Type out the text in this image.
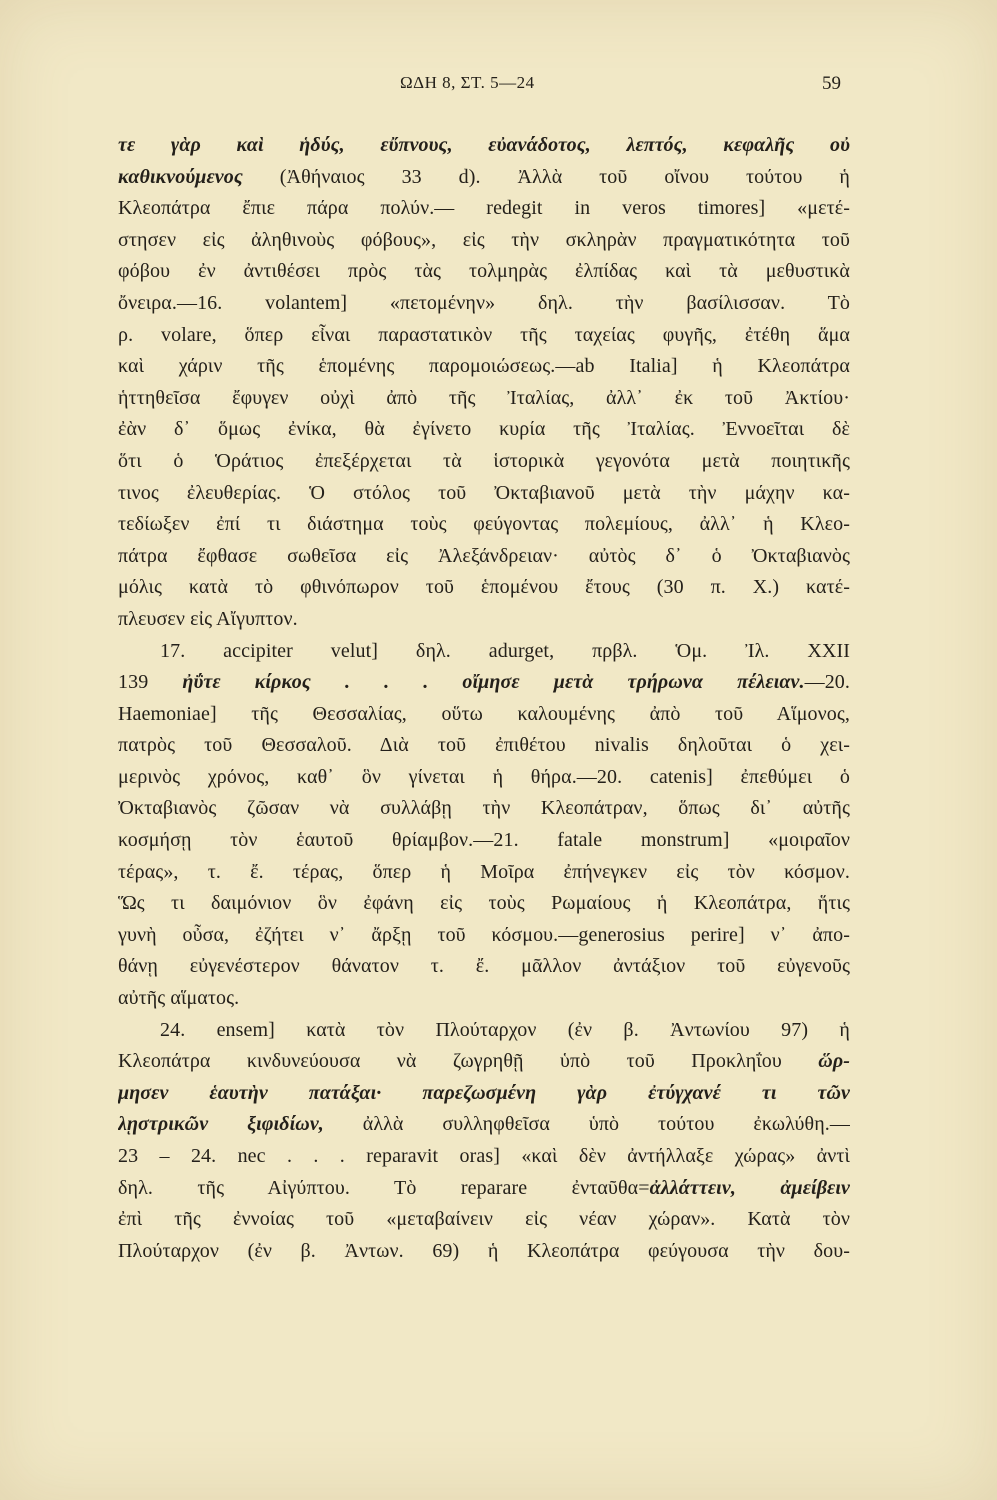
ΩΔΗ 8, ΣΤ. 5—24	59
τε γὰρ καὶ ἡδύς, εὔπνους, εὐανάδοτος, λεπτός, κεφαλῆς οὐ
καθικνούμενος (Ἀθήναιος 33 d). Ἀλλὰ τοῦ οἴνου τούτου ἡ
Κλεοπάτρα ἔπιε πάρα πολύν.— redegit in veros timores] «μετέ-
στησεν εἰς ἀληθινοὺς φόβους», εἰς τὴν σκληρὰν πραγματικότητα τοῦ
φόβου ἐν ἀντιθέσει πρὸς τὰς τολμηρὰς ἐλπίδας καὶ τὰ μεθυστικὰ
ὄνειρα.—16. volantem] «πετομένην» δηλ. τὴν βασίλισσαν. Τὸ
ρ. volare, ὅπερ εἶναι παραστατικὸν τῆς ταχείας φυγῆς, ἐτέθη ἅμα
καὶ χάριν τῆς ἑπομένης παρομοιώσεως.—ab Italia] ἡ Κλεοπάτρα
ἡττηθεῖσα ἔφυγεν οὐχὶ ἀπὸ τῆς Ἰταλίας, ἀλλ᾽ ἐκ τοῦ Ἀκτίου·
ἐὰν δ᾽ ὅμως ἐνίκα, θὰ ἐγίνετο κυρία τῆς Ἰταλίας. Ἐννοεῖται δὲ
ὅτι ὁ Ὁράτιος ἐπεξέρχεται τὰ ἱστορικὰ γεγονότα μετὰ ποιητικῆς
τινος ἐλευθερίας. Ὁ στόλος τοῦ Ὀκταβιανοῦ μετὰ τὴν μάχην κα-
τεδίωξεν ἐπί τι διάστημα τοὺς φεύγοντας πολεμίους, ἀλλ᾽ ἡ Κλεο-
πάτρα ἔφθασε σωθεῖσα εἰς Ἀλεξάνδρειαν· αὐτὸς δ᾽ ὁ Ὀκταβιανὸς
μόλις κατὰ τὸ φθινόπωρον τοῦ ἑπομένου ἔτους (30 π. Χ.) κατέ-
πλευσεν εἰς Αἴγυπτον.
17. accipiter velut] δηλ. adurget, πρβλ. Ὁμ. Ἰλ. XXII
139 ἠΰτε κίρκος . . . οἴμησε μετὰ τρήρωνα πέλειαν.—20.
Haemoniae] τῆς Θεσσαλίας, οὕτω καλουμένης ἀπὸ τοῦ Αἵμονος,
πατρὸς τοῦ Θεσσαλοῦ. Διὰ τοῦ ἐπιθέτου nivalis δηλοῦται ὁ χει-
μερινὸς χρόνος, καθ᾽ ὃν γίνεται ἡ θήρα.—20. catenis] ἐπεθύμει ὁ
Ὀκταβιανὸς ζῶσαν νὰ συλλάβῃ τὴν Κλεοπάτραν, ὅπως δι᾽ αὐτῆς
κοσμήσῃ τὸν ἑαυτοῦ θρίαμβον.—21. fatale monstrum] «μοιραῖον
τέρας», τ. ἔ. τέρας, ὅπερ ἡ Μοῖρα ἐπήνεγκεν εἰς τὸν κόσμον.
Ὥς τι δαιμόνιον ὃν ἐφάνη εἰς τοὺς Ρωμαίους ἡ Κλεοπάτρα, ἥτις
γυνὴ οὖσα, ἐζήτει ν᾽ ἄρξῃ τοῦ κόσμου.—generosius perire] ν᾽ ἀπο-
θάνῃ εὐγενέστερον θάνατον τ. ἔ. μᾶλλον ἀντάξιον τοῦ εὐγενοῦς
αὐτῆς αἵματος.
24. ensem] κατὰ τὸν Πλούταρχον (ἐν β. Ἀντωνίου 97) ἡ
Κλεοπάτρα κινδυνεύουσα νὰ ζωγρηθῇ ὑπὸ τοῦ Προκληΐου ὥρ-
μησεν ἑαυτὴν πατάξαι· παρεζωσμένη γὰρ ἐτύγχανέ τι τῶν
λῃστρικῶν ξιφιδίων, ἀλλὰ συλληφθεῖσα ὑπὸ τούτου ἐκωλύθη.—
23 – 24. nec . . . reparavit oras] «καὶ δὲν ἀντήλλαξε χώρας» ἀντὶ
δηλ. τῆς Αἰγύπτου. Τὸ reparare ἐνταῦθα=ἀλλάττειν, ἀμείβειν
ἐπὶ τῆς ἐννοίας τοῦ «μεταβαίνειν εἰς νέαν χώραν». Κατὰ τὸν
Πλούταρχον (ἐν β. Ἀντων. 69) ἡ Κλεοπάτρα φεύγουσα τὴν δου-
